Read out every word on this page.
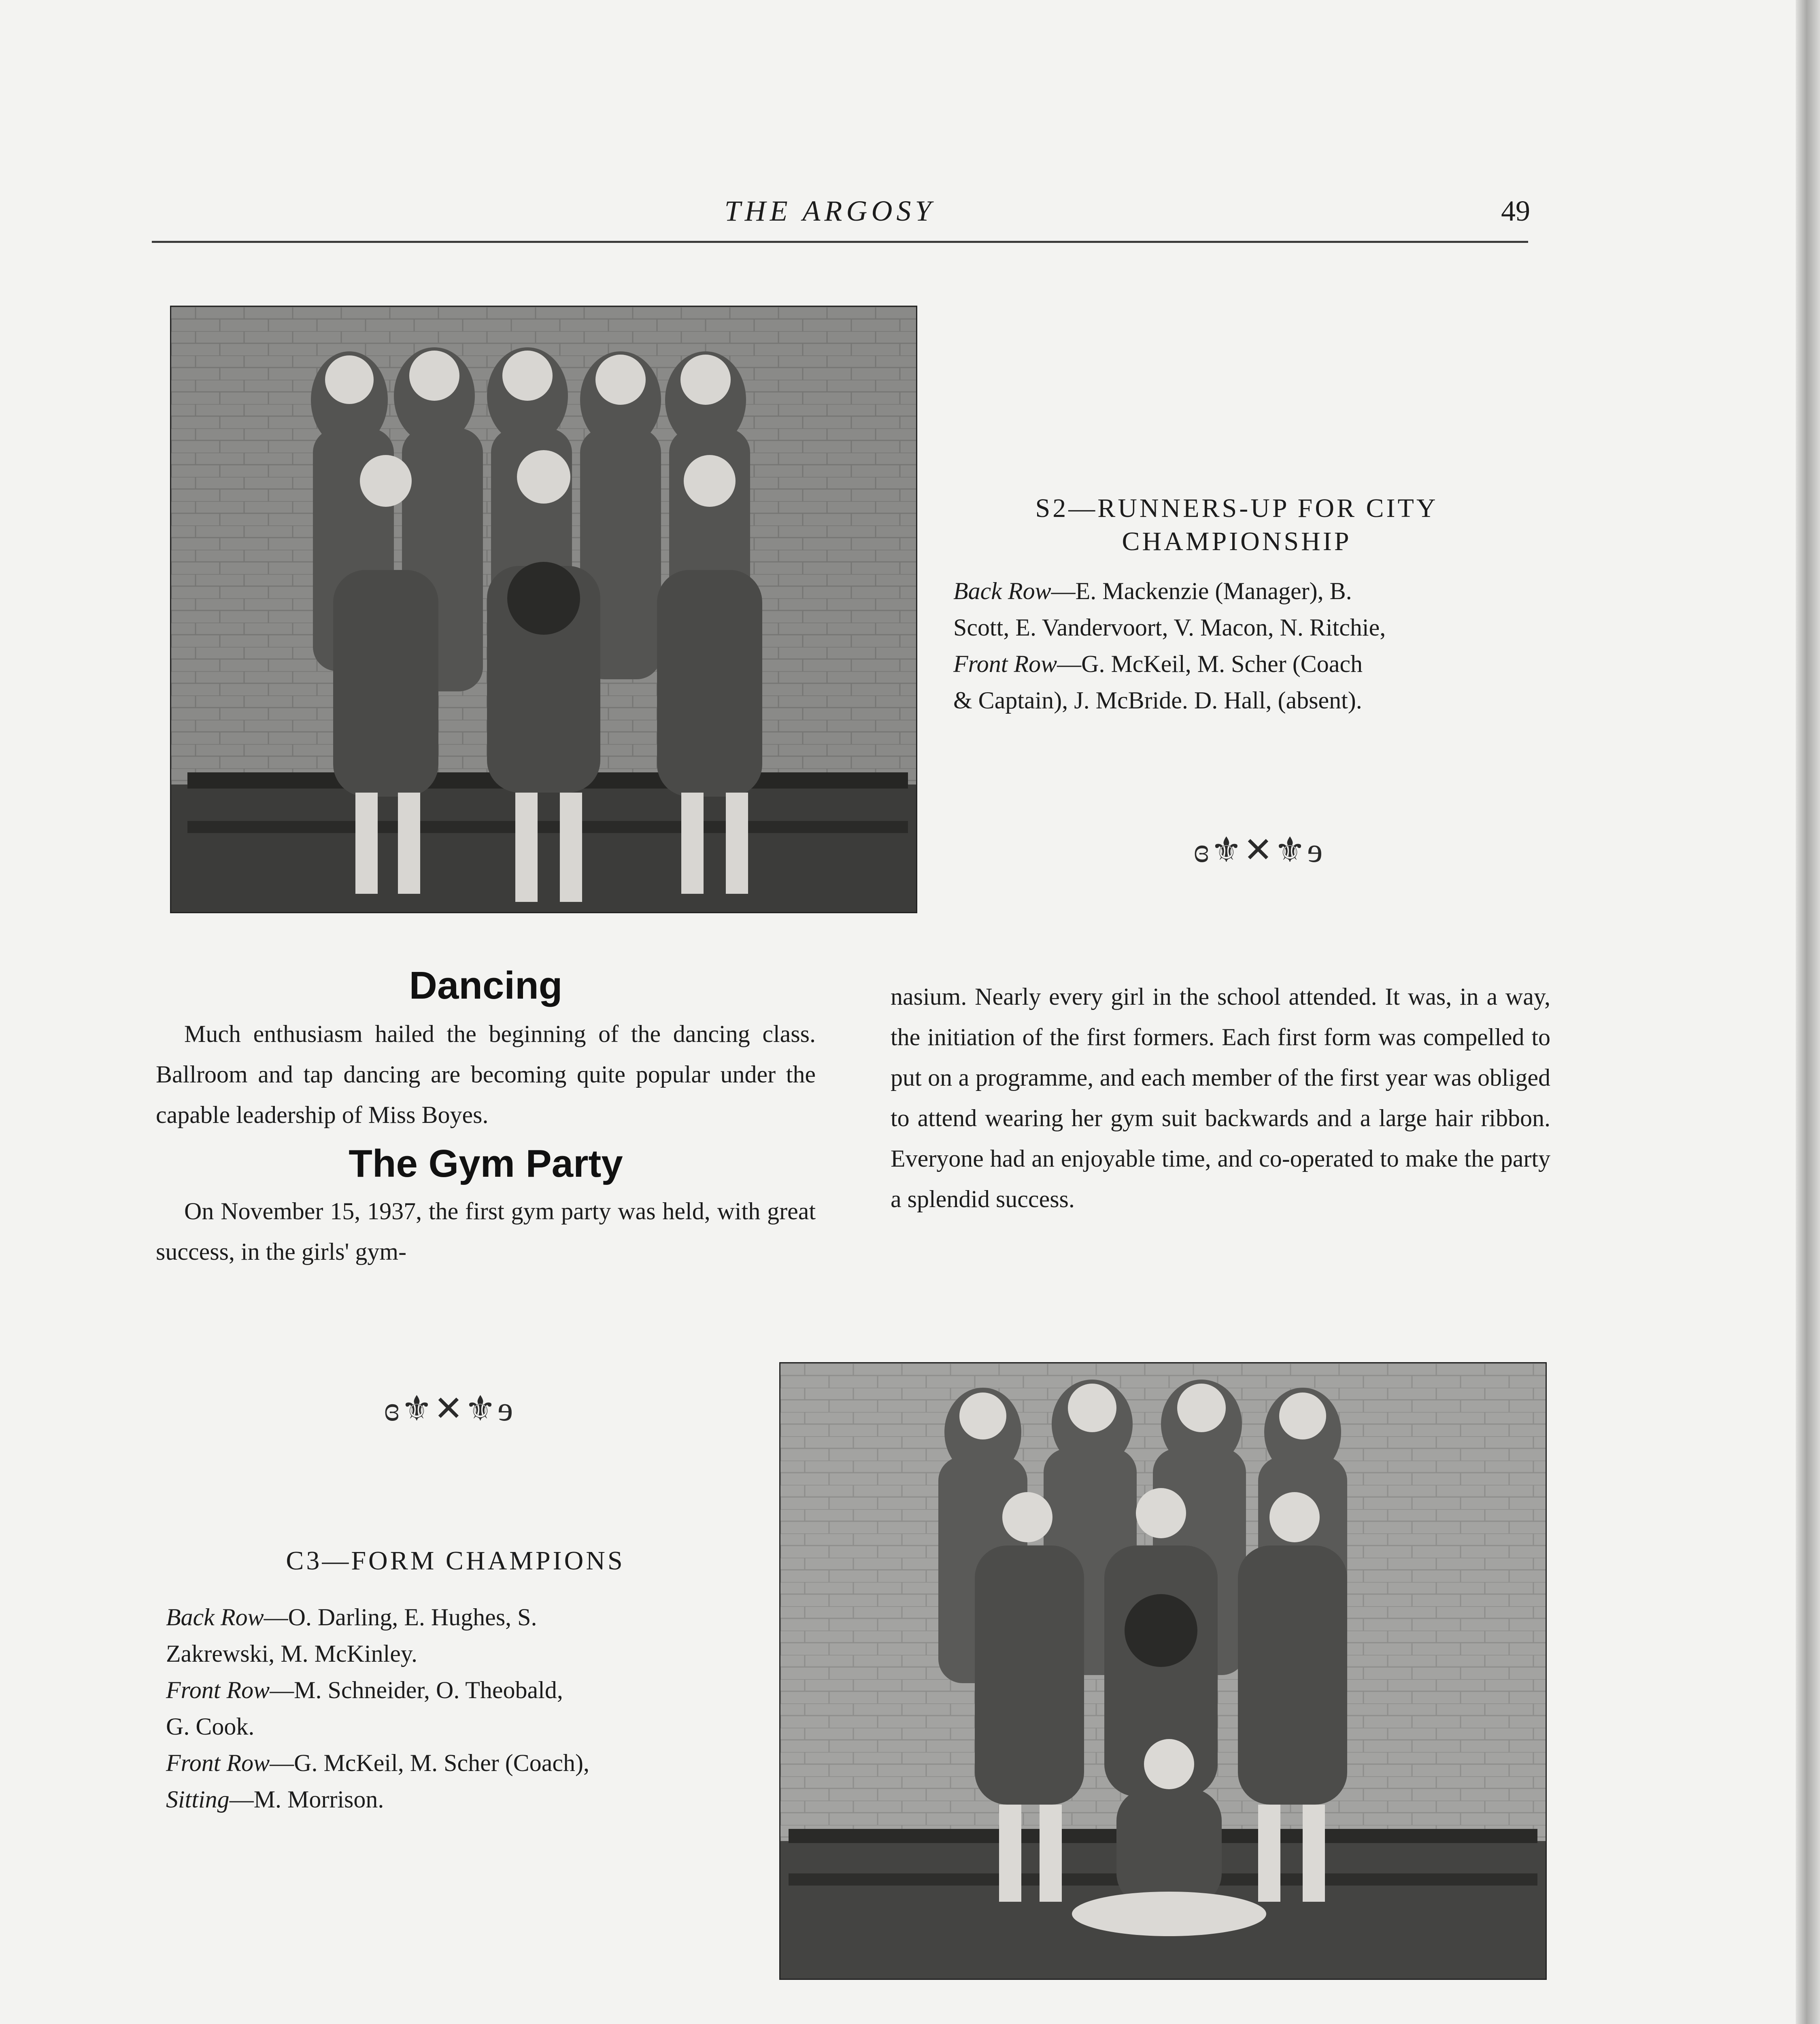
THE ARGOSY	49
S2—RUNNERS-UP FOR CITY
CHAMPIONSHIP

Back Row—E. Mackenzie (Manager), B.

Scott, E. Vandervoort, V. Macon, N. Ritchie,

Front Row—G. McKeil, M. Scher (Coach

& Captain), J. McBride. D. Hall, (absent).

ɞ⚜✕⚜ɘ
Dancing

Much enthusiasm hailed the beginning of the dancing class. Ballroom and tap dancing are becoming quite popular under the capable leadership of Miss Boyes.

The Gym Party

On November 15, 1937, the first gym party was held, with great success, in the girls' gym-

nasium. Nearly every girl in the school attended. It was, in a way, the initiation of the first formers. Each first form was compelled to put on a programme, and each member of the first year was obliged to attend wearing her gym suit backwards and a large hair ribbon. Everyone had an enjoyable time, and co-operated to make the party a splendid success.

ɞ⚜✕⚜ɘ
C3—FORM CHAMPIONS

Back Row—O. Darling, E. Hughes, S.

Zakrewski, M. McKinley.

Front Row—M. Schneider, O. Theobald,

G. Cook.

Front Row—G. McKeil, M. Scher (Coach),

Sitting—M. Morrison.
